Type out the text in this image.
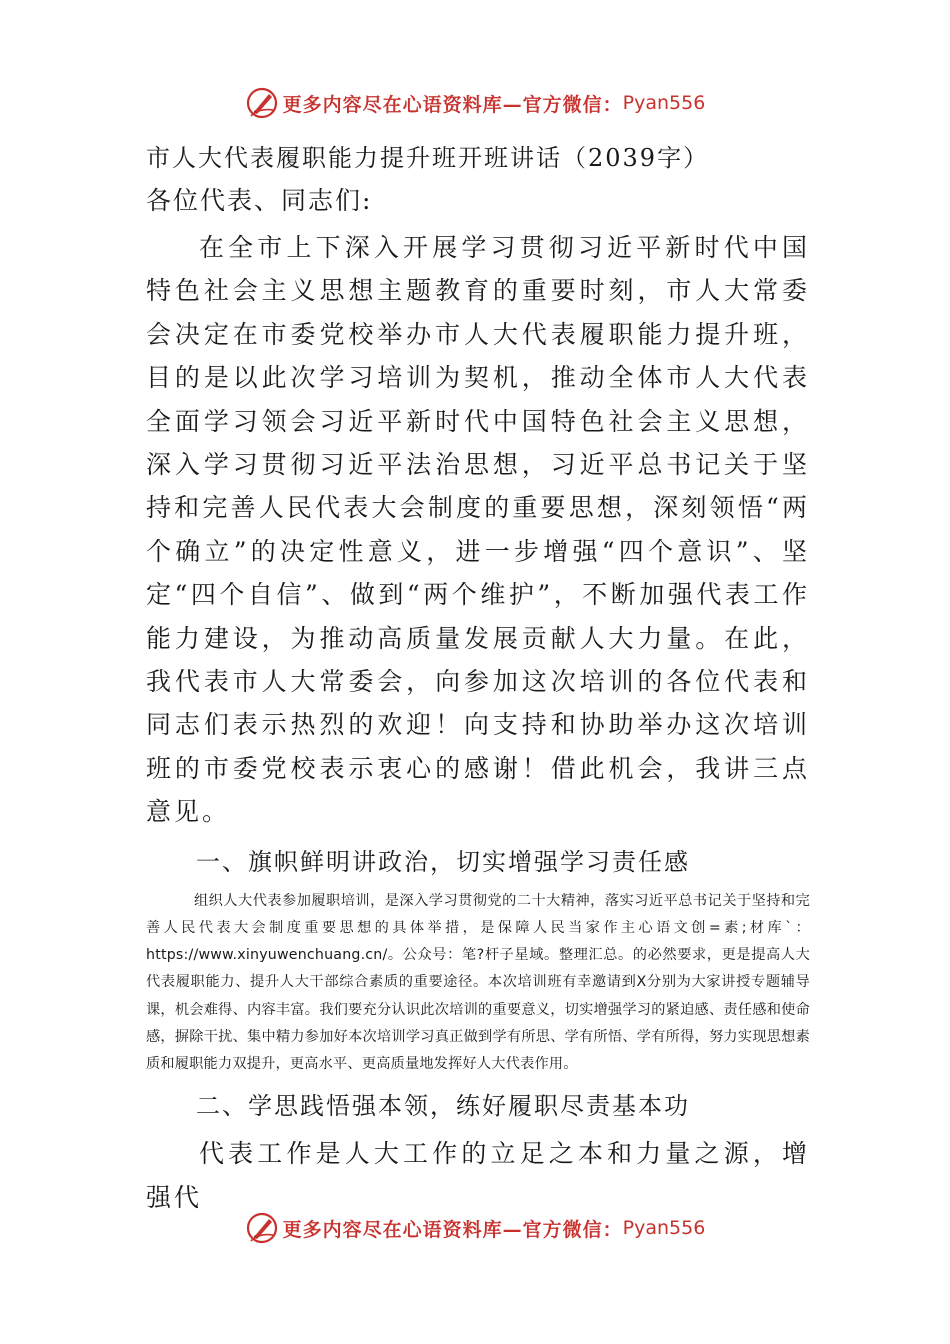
更多内容尽在心语资料库—官方微信： Pyan556

市人大代表履职能力提升班开班讲话（2039字）

各位代表、同志们:

在全市上下深入开展学习贯彻习近平新时代中国特色社会主义思想主题教育的重要时刻，市人大常委会决定在市委党校举办市人大代表履职能力提升班，目的是以此次学习培训为契机，推动全体市人大代表全面学习领会习近平新时代中国特色社会主义思想，深入学习贯彻习近平法治思想，习近平总书记关于坚持和完善人民代表大会制度的重要思想，深刻领悟“两个确立”的决定性意义，进一步增强“四个意识”、坚定“四个自信”、做到“两个维护”，不断加强代表工作能力建设，为推动高质量发展贡献人大力量。在此，我代表市人大常委会，向参加这次培训的各位代表和同志们表示热烈的欢迎！向支持和协助举办这次培训班的市委党校表示衷心的感谢！借此机会，我讲三点意见。

一、旗帜鲜明讲政治，切实增强学习责任感

组织人大代表参加履职培训，是深入学习贯彻党的二十大精神，落实习近平总书记关于坚持和完善人民代表大会制度重要思想的具体举措，是保障人民当家作主心语文创=素;材库`：https://www.xinyuwenchuang.cn/。公众号：笔?杆子星域。整理汇总。的必然要求，更是提高人大代表履职能力、提升人大干部综合素质的重要途径。本次培训班有幸邀请到X分别为大家讲授专题辅导课，机会难得、内容丰富。我们要充分认识此次培训的重要意义，切实增强学习的紧迫感、责任感和使命感，摒除干扰、集中精力参加好本次培训学习真正做到学有所思、学有所悟、学有所得，努力实现思想素质和履职能力双提升，更高水平、更高质量地发挥好人大代表作用。

二、学思践悟强本领，练好履职尽责基本功

代表工作是人大工作的立足之本和力量之源，增强代

更多内容尽在心语资料库—官方微信： Pyan556
